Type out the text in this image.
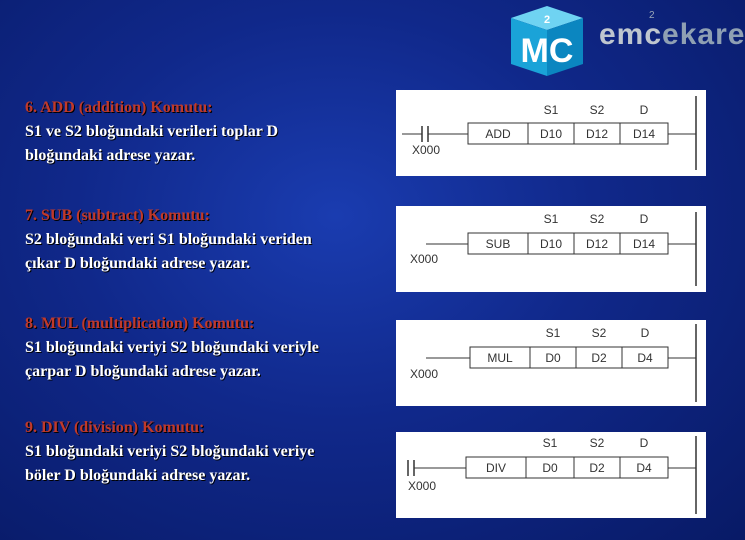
2
MC emcekare
2
6. ADD (addition) Komutu:
S1 ve S2 bloğundaki verileri toplar D
bloğundaki adrese yazar.
7. SUB (subtract) Komutu:
S2 bloğundaki veri S1 bloğundaki veriden
çıkar D bloğundaki adrese yazar.
8. MUL (multiplication) Komutu:
S1 bloğundaki veriyi S2 bloğundaki veriyle
çarpar D bloğundaki adrese yazar.
9. DIV (division) Komutu:
S1 bloğundaki veriyi S2 bloğundaki veriye
böler D bloğundaki adrese yazar.
S1	S2	D
ADD D10 D12 D14
X000
S1	S2	D
SUB D10 D12 D14
X000
S1	S2	D
MUL	D0	D2	D4
X000
S1	S2	D
DIV	D0	D2	D4
X000
